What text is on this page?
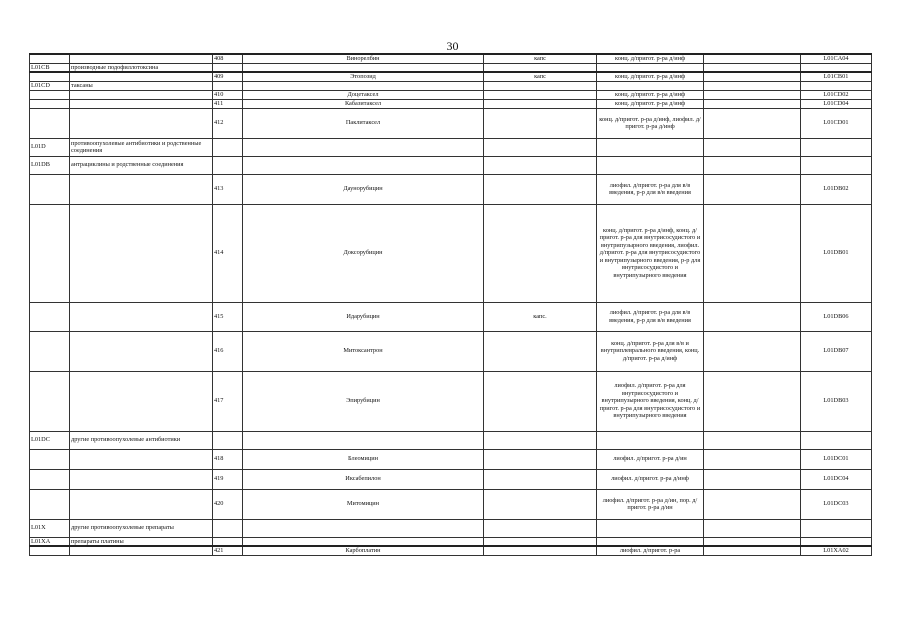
30
		408	Винорелбин	капс	конц. д/пригот. р-ра д/инф		L01CA04
L01CB	производные подофиллотоксина						
		409	Этопозид	капс	конц. д/пригот. р-ра д/инф		L01CB01
L01CD	таксаны						
		410	Доцетаксел		конц. д/пригот. р-ра д/инф		L01CD02
		411	Кабазитаксел		конц. д/пригот. р-ра д/инф		L01CD04
		412	Паклитаксел		конц. д/пригот. р-ра д/инф, лиофил. д/пригот. р-ра д/инф		L01CD01
L01D	противоопухолевые антибиотики и родственные соединения						
L01DB	антрациклины и родственные соединения						
		413	Даунорубицин		лиофил. д/пригот. р-ра для в/в введения, р-р для в/в введения		L01DB02
		414	Доксорубицин		конц. д/пригот. р-ра д/инф, конц. д/пригот. р-ра для внутрисосудистого и внутрипузырного введения, лиофил. д/пригот. р-ра для внутрисосудистого и внутрипузырного введения, р-р для внутрисосудистого и внутрипузырного введения		L01DB01
		415	Идарубицин	капс.	лиофил. д/пригот. р-ра для в/в введения, р-р для в/в введения		L01DB06
		416	Митоксантрон		конц. д/пригот. р-ра для в/в и внутриплеврального введения, конц. д/пригот. р-ра д/инф		L01DB07
		417	Эпирубицин		лиофил. д/пригот. р-ра для внутрисосудистого и внутрипузырного введения, конц. д/пригот. р-ра для внутрисосудистого и внутрипузырного введения		L01DB03
L01DC	другие противоопухолевые антибиотики						
		418	Блеомицин		лиофил. д/пригот. р-ра д/ин		L01DC01
		419	Иксабепилон		лиофил. д/пригот. р-ра д/инф		L01DC04
		420	Митомицин		лиофил. д/пригот. р-ра д/ин, пор. д/пригот. р-ра д/ин		L01DC03
L01X	другие противоопухолевые препараты						
L01XA	препараты платины						
		421	Карбоплатин		лиофил. д/пригот. р-ра		L01XA02
